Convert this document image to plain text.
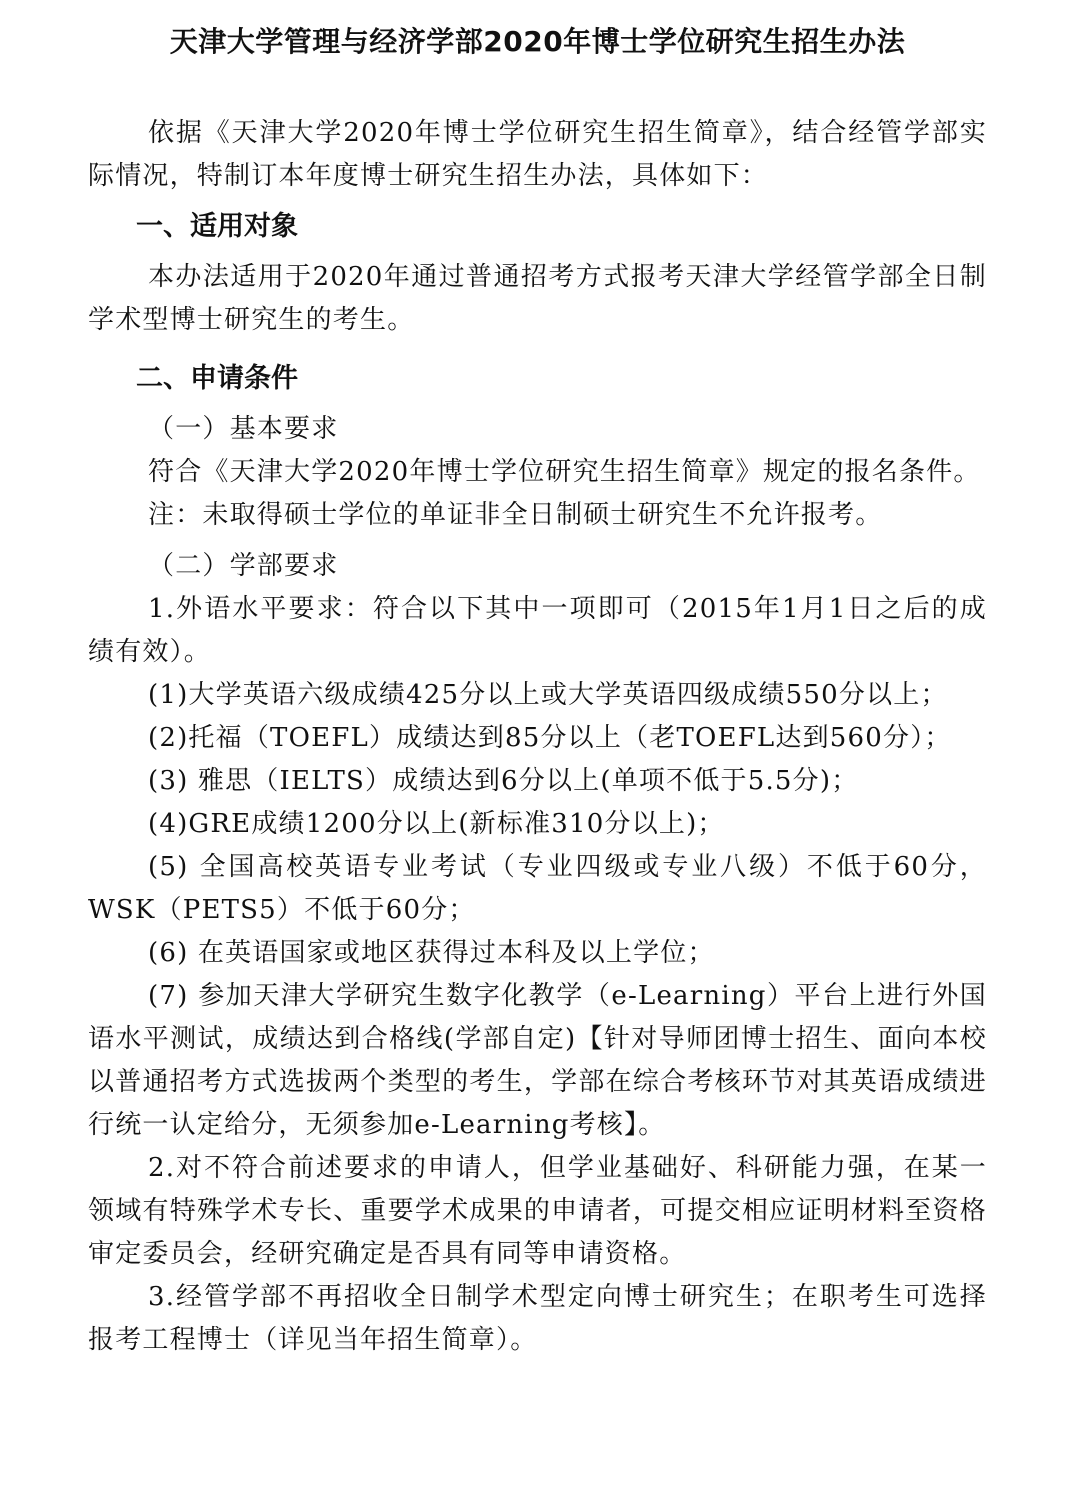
天津大学管理与经济学部2020年博士学位研究生招生办法

依据《天津大学2020年博士学位研究生招生简章》，结合经管学部实际情况，特制订本年度博士研究生招生办法，具体如下：

一、适用对象

本办法适用于2020年通过普通招考方式报考天津大学经管学部全日制学术型博士研究生的考生。

二、申请条件

（一）基本要求

符合《天津大学2020年博士学位研究生招生简章》规定的报名条件。

注：未取得硕士学位的单证非全日制硕士研究生不允许报考。

（二）学部要求

1.外语水平要求：符合以下其中一项即可（2015年1月1日之后的成绩有效）。

(1)大学英语六级成绩425分以上或大学英语四级成绩550分以上；

(2)托福（TOEFL）成绩达到85分以上（老TOEFL达到560分）；

(3) 雅思（IELTS）成绩达到6分以上(单项不低于5.5分)；

(4)GRE成绩1200分以上(新标准310分以上)；

(5) 全国高校英语专业考试（专业四级或专业八级）不低于60分，WSK（PETS5）不低于60分；

(6) 在英语国家或地区获得过本科及以上学位；

(7) 参加天津大学研究生数字化教学（e-Learning）平台上进行外国语水平测试，成绩达到合格线(学部自定)【针对导师团博士招生、面向本校以普通招考方式选拔两个类型的考生，学部在综合考核环节对其英语成绩进行统一认定给分，无须参加e-Learning考核】。

2.对不符合前述要求的申请人，但学业基础好、科研能力强，在某一领域有特殊学术专长、重要学术成果的申请者，可提交相应证明材料至资格审定委员会，经研究确定是否具有同等申请资格。

3.经管学部不再招收全日制学术型定向博士研究生；在职考生可选择报考工程博士（详见当年招生简章）。
